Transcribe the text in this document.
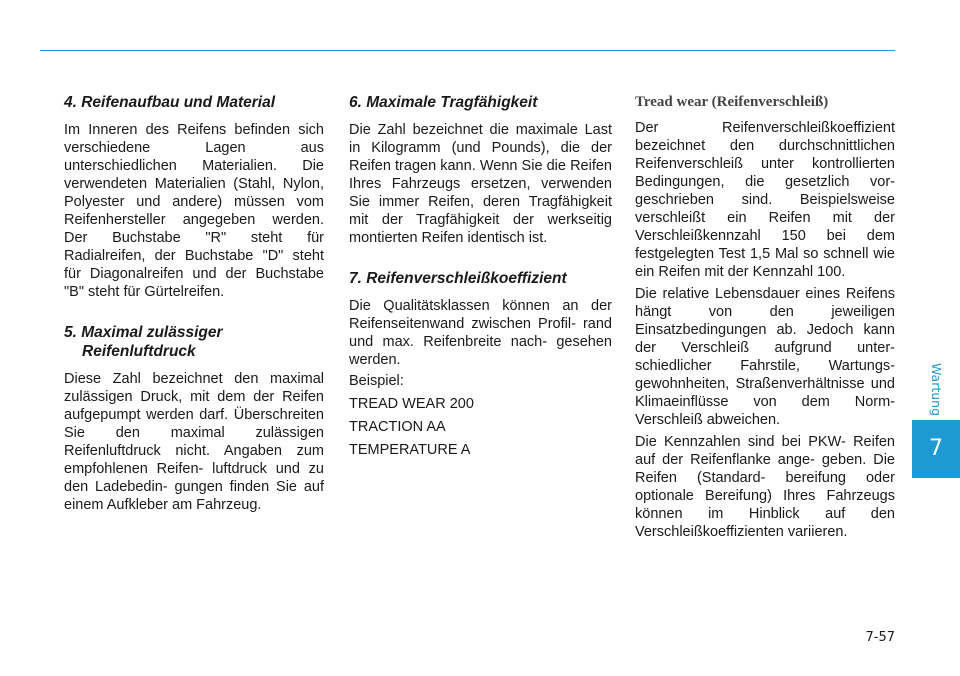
4. Reifenaufbau und Material

Im Inneren des Reifens befinden sich verschiedene Lagen aus unterschiedlichen Materialien. Die verwendeten Materialien (Stahl, Nylon, Polyester und andere) müssen vom Reifenhersteller angegeben werden. Der Buchstabe "R" steht für Radialreifen, der Buchstabe "D" steht für Diagonalreifen und der Buchstabe "B" steht für Gürtelreifen.

5. Maximal zulässiger
Reifenluftdruck

Diese Zahl bezeichnet den maximal zulässigen Druck, mit dem der Reifen aufgepumpt werden darf. Überschreiten Sie den maximal zulässigen Reifenluftdruck nicht. Angaben zum empfohlenen Reifen- luftdruck und zu den Ladebedin- gungen finden Sie auf einem Aufkleber am Fahrzeug.

6. Maximale Tragfähigkeit

Die Zahl bezeichnet die maximale Last in Kilogramm (und Pounds), die der Reifen tragen kann. Wenn Sie die Reifen Ihres Fahrzeugs ersetzen, verwenden Sie immer Reifen, deren Tragfähigkeit mit der Tragfähigkeit der werkseitig montierten Reifen identisch ist.

7. Reifenverschleißkoeffizient

Die Qualitätsklassen können an der Reifenseitenwand zwischen Profil- rand und max. Reifenbreite nach- gesehen werden.

Beispiel:

TREAD WEAR 200

TRACTION AA

TEMPERATURE A

Tread wear (Reifenverschleiß)

Der Reifenverschleißkoeffizient bezeichnet den durchschnittlichen Reifenverschleiß unter kontrollierten Bedingungen, die gesetzlich vor- geschrieben sind. Beispielsweise verschleißt ein Reifen mit der Verschleißkennzahl 150 bei dem festgelegten Test 1,5 Mal so schnell wie ein Reifen mit der Kennzahl 100.

Die relative Lebensdauer eines Reifens hängt von den jeweiligen Einsatzbedingungen ab. Jedoch kann der Verschleiß aufgrund unter- schiedlicher Fahrstile, Wartungs- gewohnheiten, Straßenverhältnisse und Klimaeinflüsse von dem Norm- Verschleiß abweichen.

Die Kennzahlen sind bei PKW- Reifen auf der Reifenflanke ange- geben. Die Reifen (Standard- bereifung oder optionale Bereifung) Ihres Fahrzeugs können im Hinblick auf den Verschleißkoeffizienten variieren.

Wartung
7
7-57
